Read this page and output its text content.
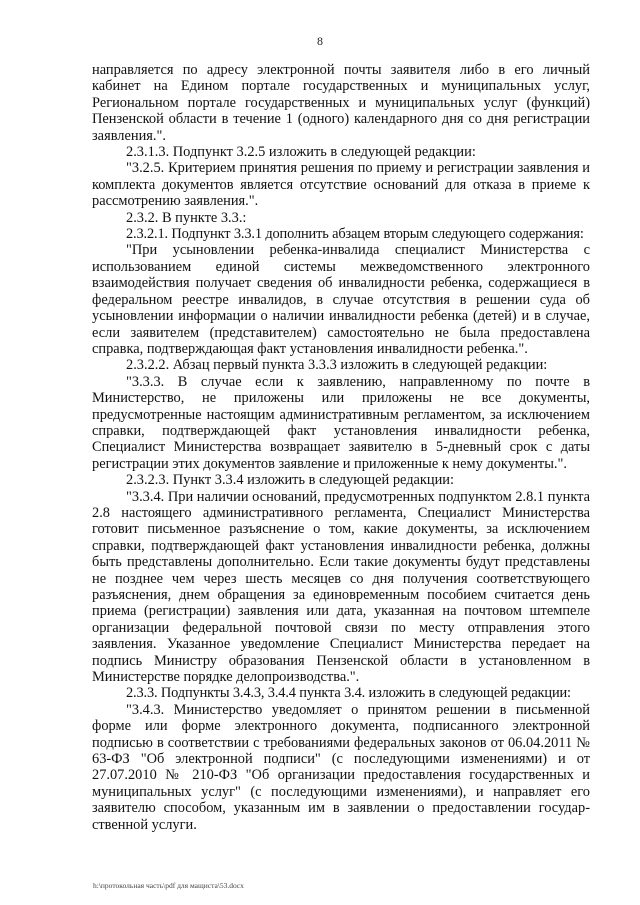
8

направляется по адресу электронной почты заявителя либо в его личный кабинет на Едином портале государственных и муниципальных услуг, Региональном портале государственных и муниципальных услуг (функций) Пензенской области в течение 1 (одного) календарного дня со дня регистрации заявления.".

2.3.1.3. Подпункт 3.2.5 изложить в следующей редакции:

"3.2.5. Критерием принятия решения по приему и регистрации заявления и комплекта документов является отсутствие оснований для отказа в приеме к рассмотрению заявления.".

2.3.2. В пункте 3.3.:

2.3.2.1. Подпункт 3.3.1 дополнить абзацем вторым следующего содержания:

"При усыновлении ребенка-инвалида специалист Министерства с использованием единой системы межведомственного электронного взаимодействия получает сведения об инвалидности ребенка, содержащиеся в федеральном реестре инвалидов, в случае отсутствия в решении суда об усыновлении информации о наличии инвалидности ребенка (детей) и в случае, если заявителем (представителем) самостоятельно не была предоставлена справка, подтверждающая факт установления инвалидности ребенка.".

2.3.2.2. Абзац первый пункта 3.3.3 изложить в следующей редакции:

"3.3.3. В случае если к заявлению, направленному по почте в Министерство, не приложены или приложены не все документы, предусмотренные настоящим административным регламентом, за исключением справки, подтверждающей факт установления инвалидности ребенка, Специалист Министерства возвращает заявителю в 5-дневный срок с даты регистрации этих документов заявление и приложенные к нему документы.".

2.3.2.3. Пункт 3.3.4 изложить в следующей редакции:

"3.3.4. При наличии оснований, предусмотренных подпунктом 2.8.1 пункта 2.8 настоящего административного регламента, Специалист Министерства готовит письменное разъяснение о том, какие документы, за исключением справки, подтверждающей факт установления инвалидности ребенка, должны быть представлены дополнительно. Если такие документы будут представлены не позднее чем через шесть месяцев со дня получения соответствующего разъяснения, днем обращения за единовременным пособием считается день приема (регистрации) заявления или дата, указанная на почтовом штемпеле организации федеральной почтовой связи по месту отправления этого заявления. Указанное уведомление Специалист Министерства передает на подпись Министру образования Пензенской области в установленном в Министерстве порядке делопроизводства.".

2.3.3. Подпункты 3.4.3, 3.4.4 пункта 3.4. изложить в следующей редакции:

"3.4.3. Министерство уведомляет о принятом решении в письменной форме или форме электронного документа, подписанного электронной подписью в соответствии с требованиями федеральных законов от 06.04.2011 № 63-ФЗ "Об электронной подписи" (с последующими изменениями) и от 27.07.2010 № 210-ФЗ "Об организации предоставления государственных и муниципальных услуг" (с последующими изменениями), и направляет его заявителю способом, указанным им в заявлении о предоставлении государственной услуги.

h:\протокольная часть\pdf для мащиста\53.docx
